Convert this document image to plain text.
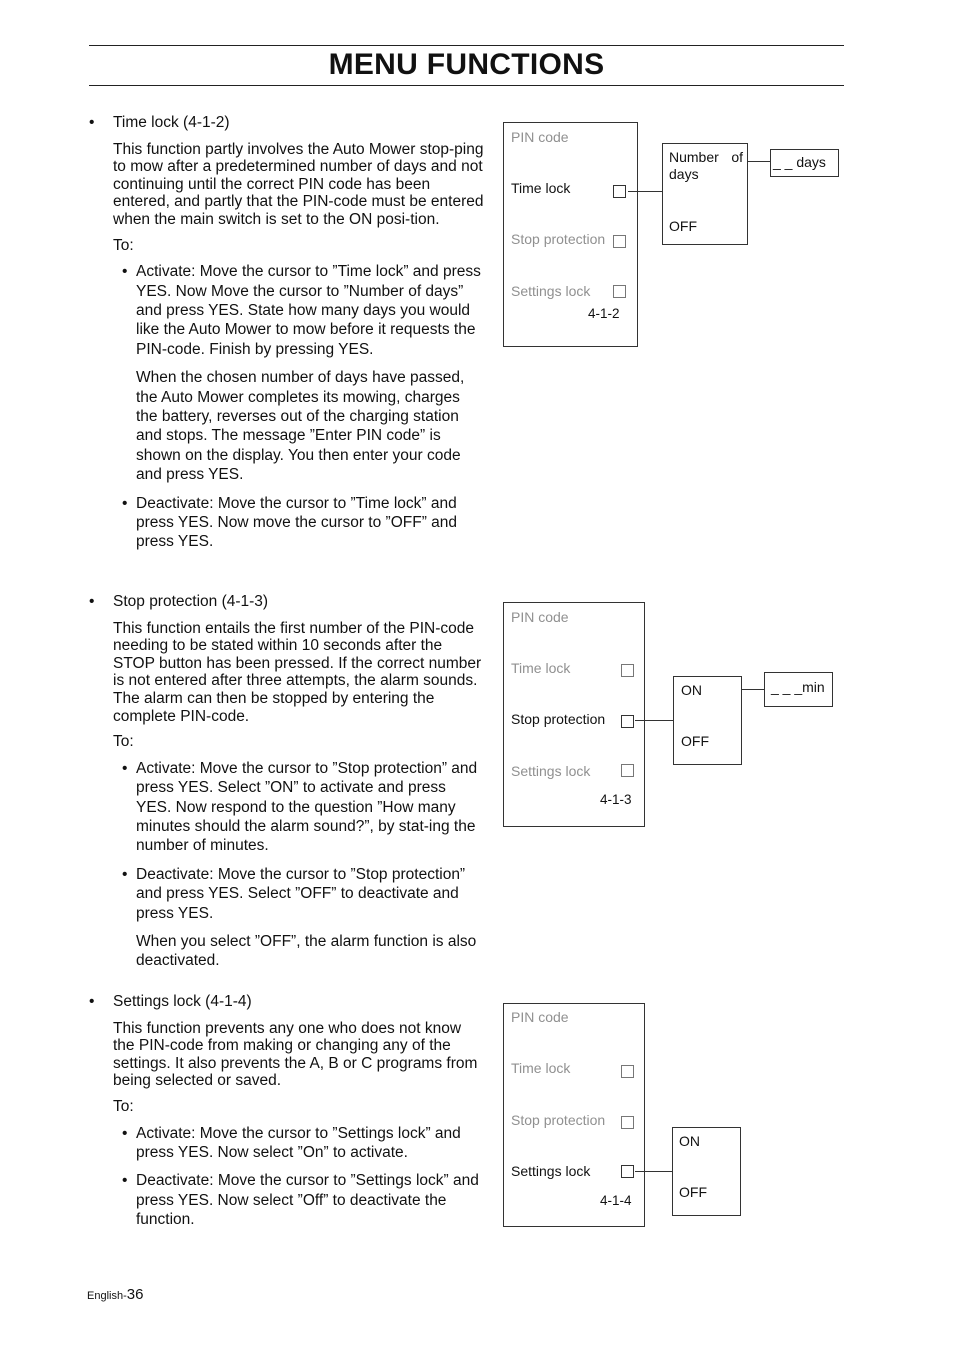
MENU FUNCTIONS
• Time lock (4-1-2)
This function partly involves the Auto Mower stop-ping to mow after a predetermined number of days and not continuing until the correct PIN code has been entered, and partly that the PIN-code must be entered when the main switch is set to the ON posi-tion.
To:
• Activate: Move the cursor to ”Time lock” and press YES. Now Move the cursor to ”Number of days” and press YES. State how many days you would like the Auto Mower to mow before it requests the PIN-code. Finish by pressing YES.
When the chosen number of days have passed, the Auto Mower completes its mowing, charges the battery, reverses out of the charging station and stops. The message ”Enter PIN code” is shown on the display. You then enter your code and press YES.
• Deactivate: Move the cursor to ”Time lock” and press YES. Now move the cursor to ”OFF” and press YES.
• Stop protection (4-1-3)
This function entails the first number of the PIN-code needing to be stated within 10 seconds after the STOP button has been pressed. If the correct number is not entered after three attempts, the alarm sounds. The alarm can then be stopped by entering the complete PIN-code.
To:
• Activate: Move the cursor to ”Stop protection” and press YES. Select ”ON” to activate and press YES. Now respond to the question ”How many minutes should the alarm sound?”, by stat-ing the number of minutes.
• Deactivate: Move the cursor to ”Stop protection” and press YES. Select ”OFF” to deactivate and press YES.
When you select ”OFF”, the alarm function is also deactivated.
• Settings lock (4-1-4)
This function prevents any one who does not know the PIN-code from making or changing any of the settings. It also prevents the A, B or C programs from being selected or saved.
To:
• Activate: Move the cursor to ”Settings lock” and press YES. Now select ”On” to activate.
• Deactivate: Move the cursor to ”Settings lock” and press YES. Now select ”Off” to deactivate the function.
PIN code
Time lock
Stop protection
Settings lock
4-1-2
Number of days
OFF
_ _ days
PIN code
Time lock
Stop protection
Settings lock
4-1-3
ON
OFF
_ _ _min
PIN code
Time lock
Stop protection
Settings lock
4-1-4
ON
OFF
English-36
